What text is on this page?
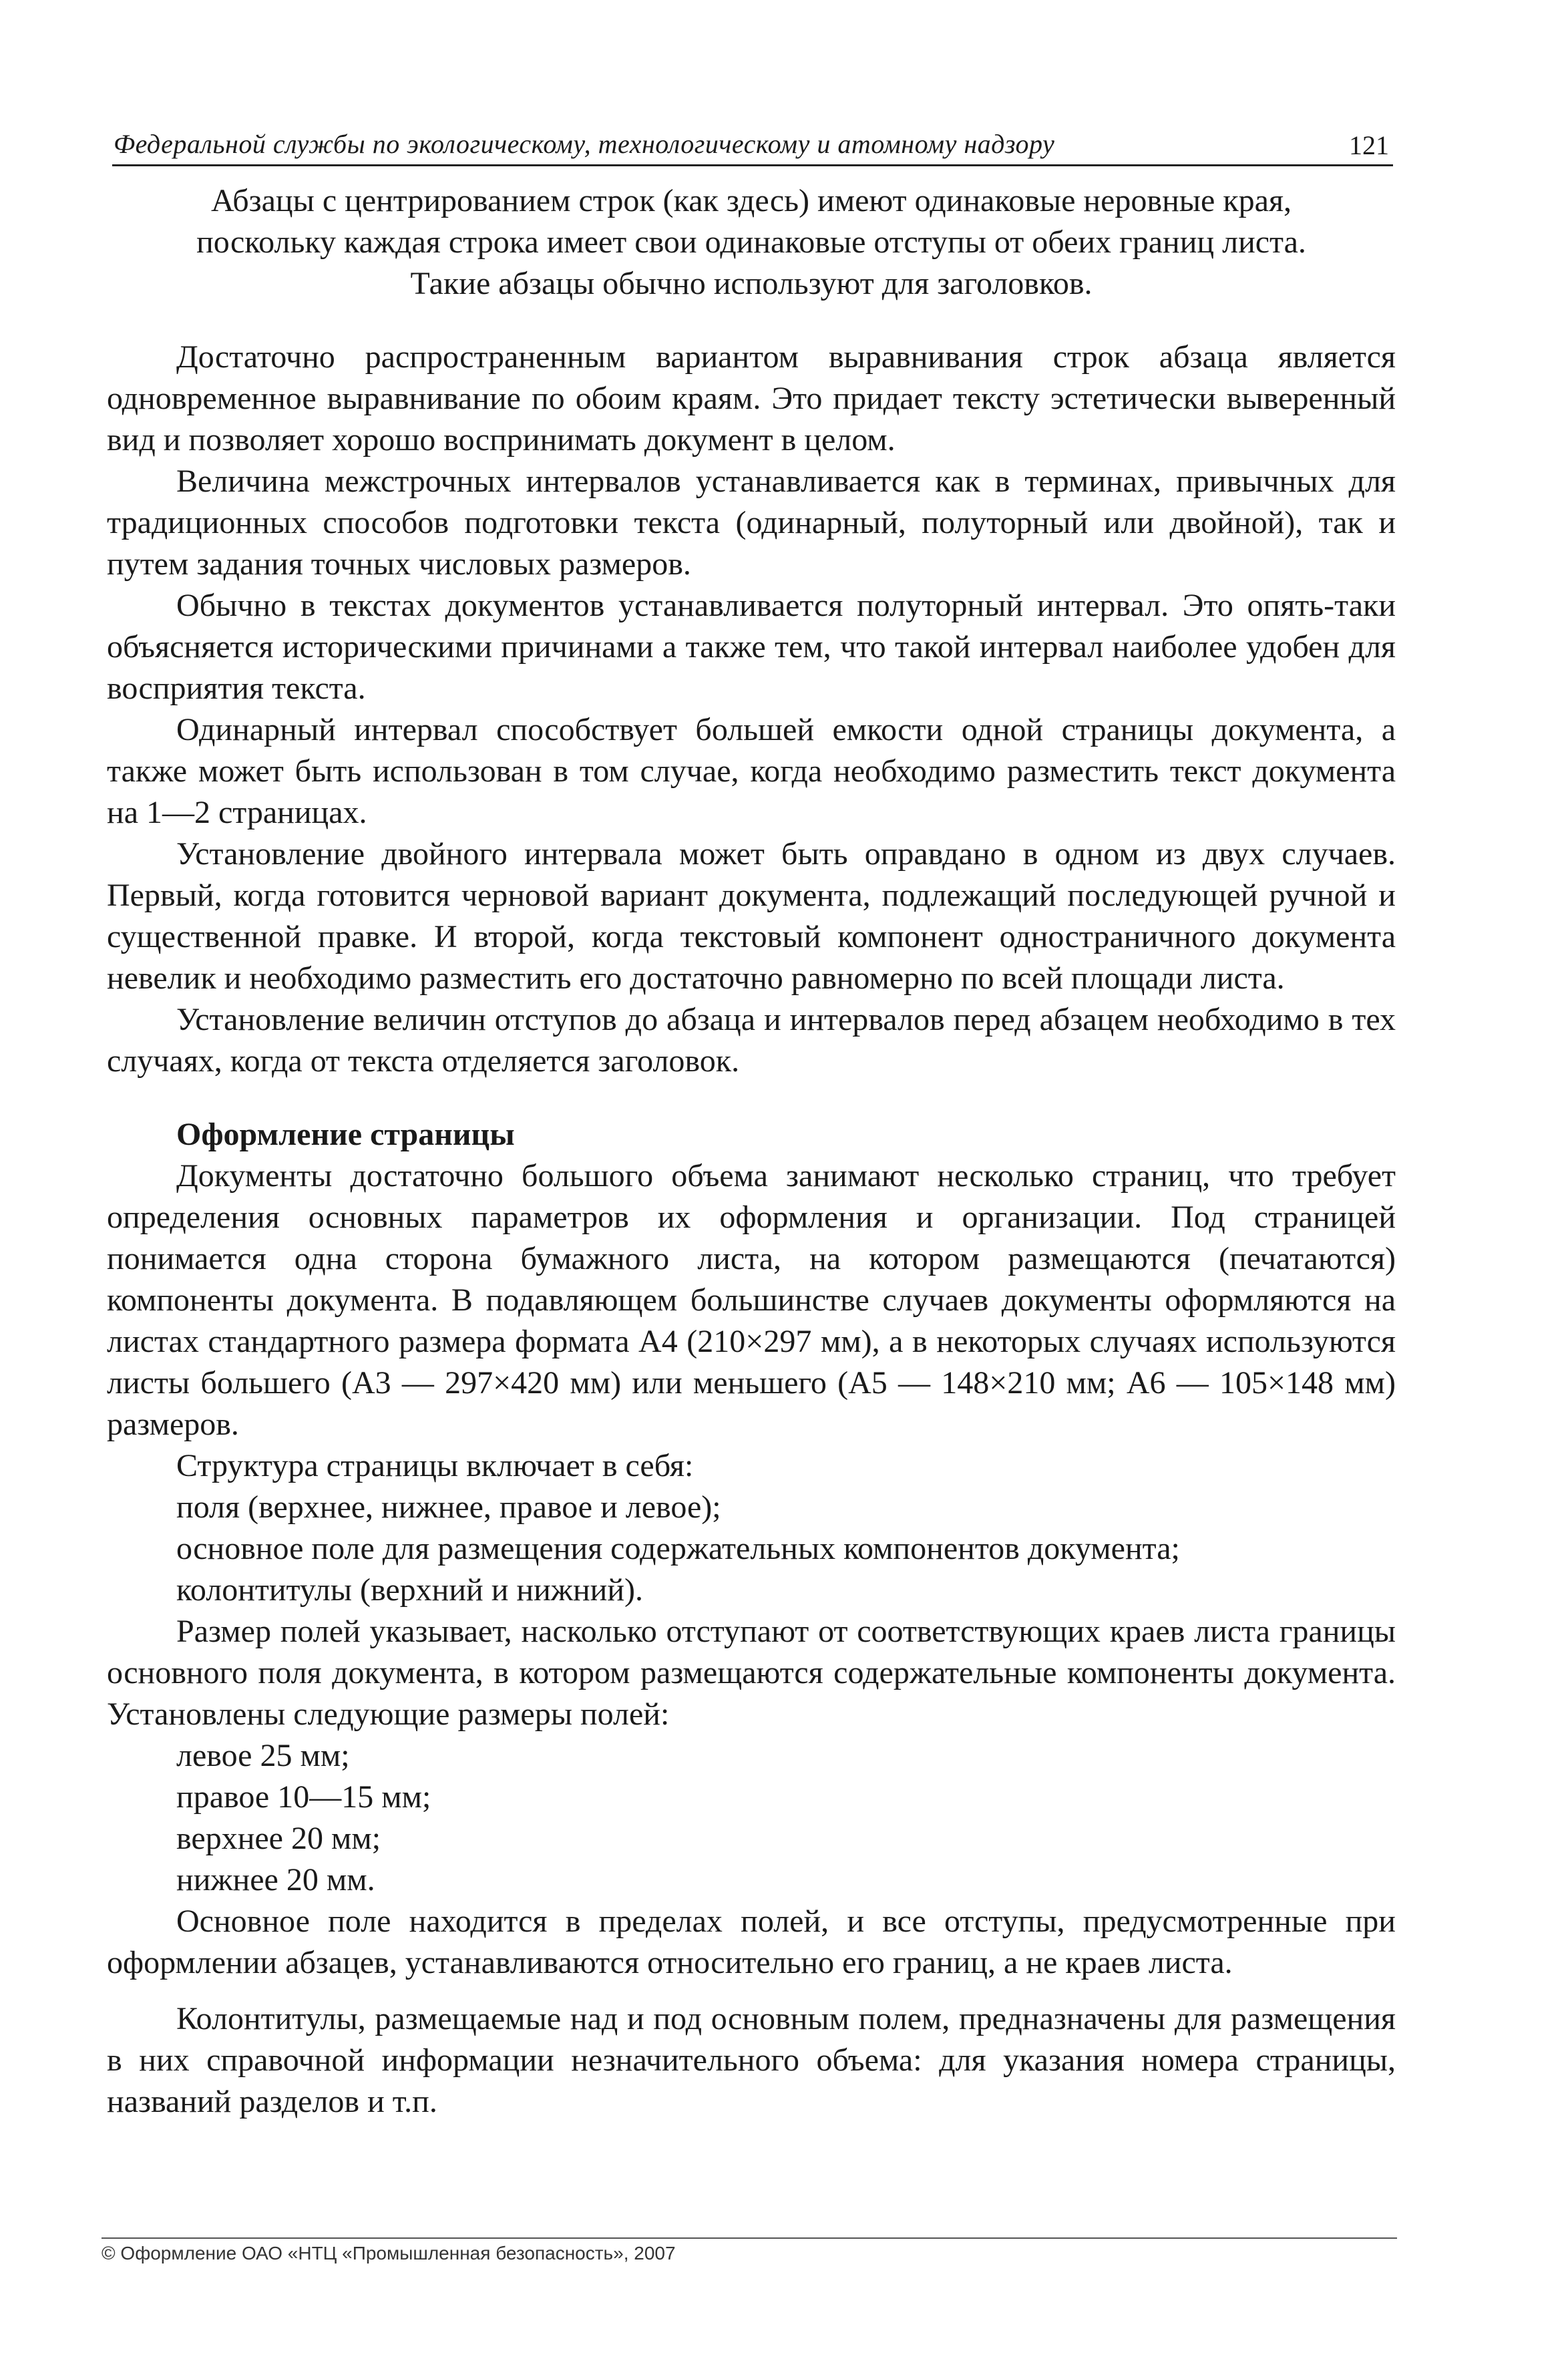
Федеральной службы по экологическому, технологическому и атомному надзору	121

Абзацы с центрированием строк (как здесь) имеют одинаковые неровные края, поскольку каждая строка имеет свои одинаковые отступы от обеих границ листа. Такие абзацы обычно используют для заголовков.

Достаточно распространенным вариантом выравнивания строк абзаца является одновременное выравнивание по обоим краям. Это придает тексту эстетически выверенный вид и позволяет хорошо воспринимать документ в целом.

Величина межстрочных интервалов устанавливается как в терминах, привычных для традиционных способов подготовки текста (одинарный, полуторный или двойной), так и путем задания точных числовых размеров.

Обычно в текстах документов устанавливается полуторный интервал. Это опять-таки объясняется историческими причинами а также тем, что такой интервал наиболее удобен для восприятия текста.

Одинарный интервал способствует большей емкости одной страницы документа, а также может быть использован в том случае, когда необходимо разместить текст документа на 1—2 страницах.

Установление двойного интервала может быть оправдано в одном из двух случаев. Первый, когда готовится черновой вариант документа, подлежащий последующей ручной и существенной правке. И второй, когда текстовый компонент одностраничного документа невелик и необходимо разместить его достаточно равномерно по всей площади листа.

Установление величин отступов до абзаца и интервалов перед абзацем необходимо в тех случаях, когда от текста отделяется заголовок.

Оформление страницы

Документы достаточно большого объема занимают несколько страниц, что требует определения основных параметров их оформления и организации. Под страницей понимается одна сторона бумажного листа, на котором размещаются (печатаются) компоненты документа. В подавляющем большинстве случаев документы оформляются на листах стандартного размера формата А4 (210×297 мм), а в некоторых случаях используются листы большего (А3 — 297×420 мм) или меньшего (А5 — 148×210 мм; А6 — 105×148 мм) размеров.

Структура страницы включает в себя:

поля (верхнее, нижнее, правое и левое);

основное поле для размещения содержательных компонентов документа;

колонтитулы (верхний и нижний).

Размер полей указывает, насколько отступают от соответствующих краев листа границы основного поля документа, в котором размещаются содержательные компоненты документа. Установлены следующие размеры полей:

левое 25 мм;

правое 10—15 мм;

верхнее 20 мм;

нижнее 20 мм.

Основное поле находится в пределах полей, и все отступы, предусмотренные при оформлении абзацев, устанавливаются относительно его границ, а не краев листа.

Колонтитулы, размещаемые над и под основным полем, предназначены для размещения в них справочной информации незначительного объема: для указания номера страницы, названий разделов и т.п.

© Оформление ОАО «НТЦ «Промышленная безопасность», 2007
